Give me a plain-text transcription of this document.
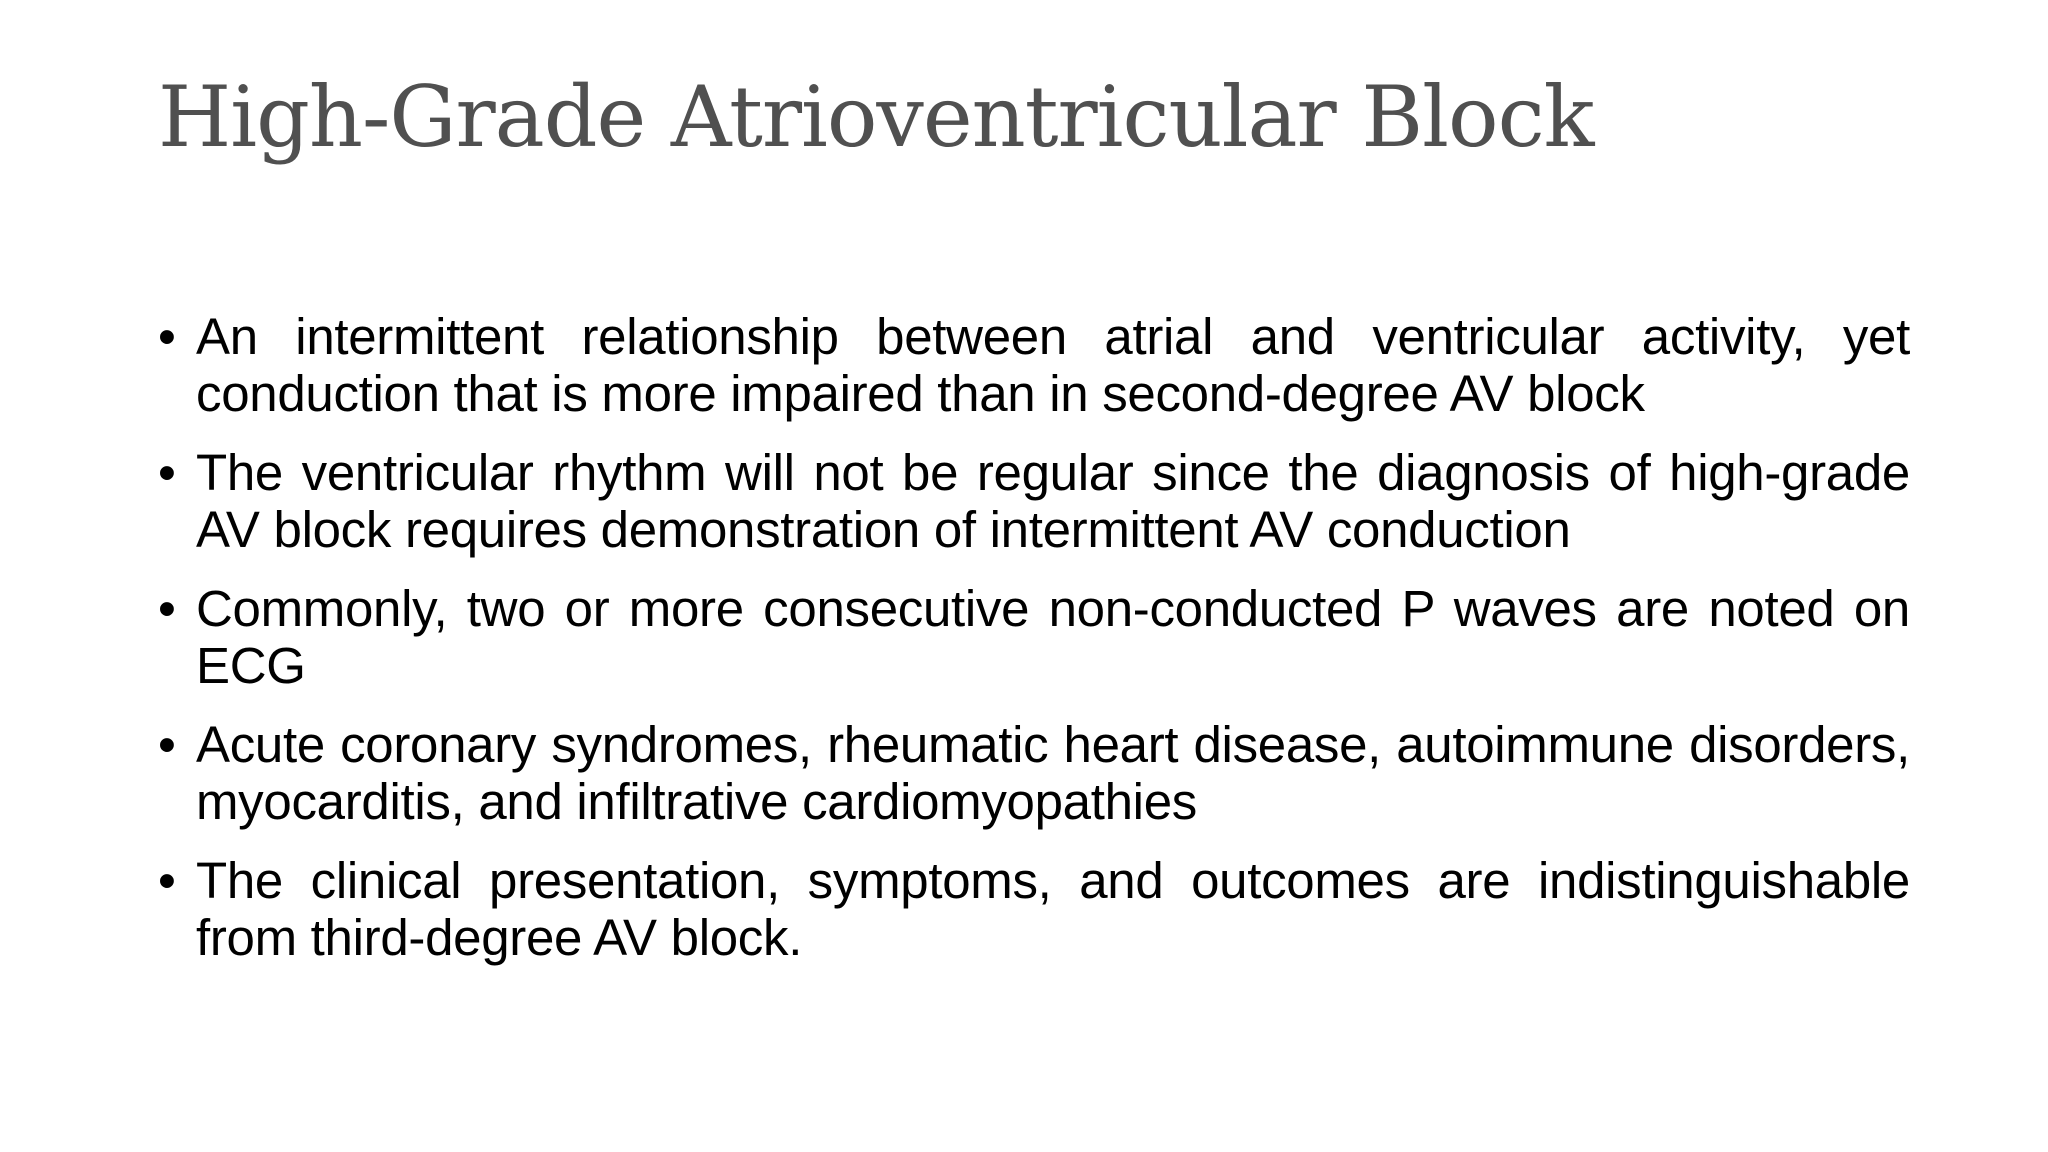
High-Grade Atrioventricular Block
• An intermittent relationship between atrial and ventricular activity, yet conduction that is more impaired than in second-degree AV block
• The ventricular rhythm will not be regular since the diagnosis of high-grade AV block requires demonstration of intermittent AV conduction
• Commonly, two or more consecutive non-conducted P waves are noted on ECG
• Acute coronary syndromes, rheumatic heart disease, autoimmune disorders, myocarditis, and infiltrative cardiomyopathies
• The clinical presentation, symptoms, and outcomes are indistinguishable from third-degree AV block.
